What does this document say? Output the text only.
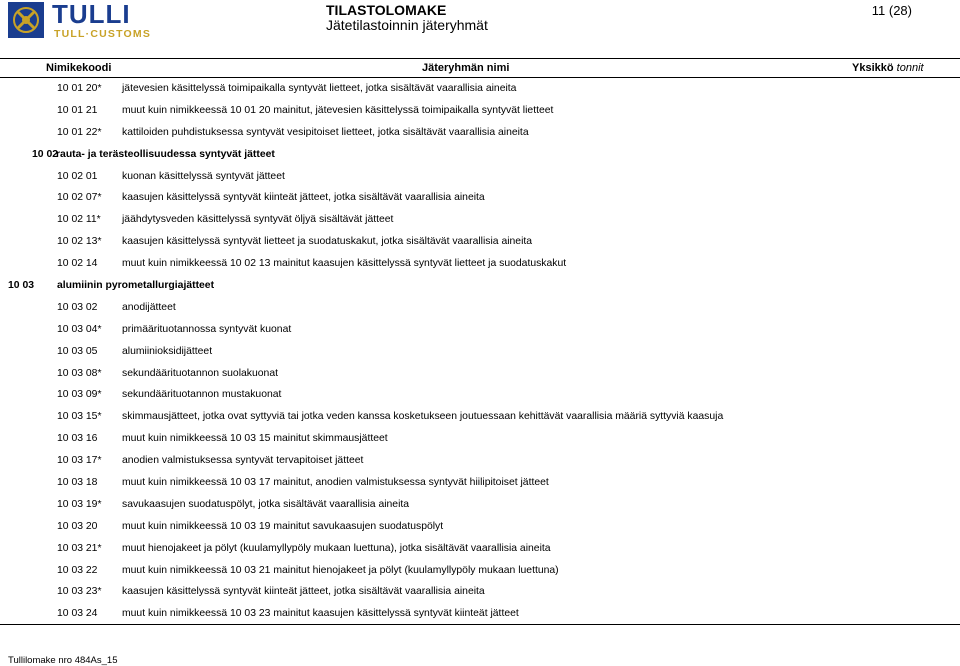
TULLI
TULL·CUSTOMS
TILASTOLOMAKE
Jätetilastoinnin jäteryhmät
11 (28)
Nimikekoodi	Jäteryhmän nimi	Yksikkö tonnit
10 01 20* jätevesien käsittelyssä toimipaikalla syntyvät lietteet, jotka sisältävät vaarallisia aineita
10 01 21 muut kuin nimikkeessä 10 01 20 mainitut, jätevesien käsittelyssä toimipaikalla syntyvät lietteet
10 01 22* kattiloiden puhdistuksessa syntyvät vesipitoiset lietteet, jotka sisältävät vaarallisia aineita
10 02
rauta- ja terästeollisuudessa syntyvät jätteet
10 02 01 kuonan käsittelyssä syntyvät jätteet
10 02 07* kaasujen käsittelyssä syntyvät kiinteät jätteet, jotka sisältävät vaarallisia aineita
10 02 11* jäähdytysveden käsittelyssä syntyvät öljyä sisältävät jätteet
10 02 13* kaasujen käsittelyssä syntyvät lietteet ja suodatuskakut, jotka sisältävät vaarallisia aineita
10 02 14 muut kuin nimikkeessä 10 02 13 mainitut kaasujen käsittelyssä syntyvät lietteet ja suodatuskakut
10 03 alumiinin pyrometallurgiajätteet
10 03 02 anodijätteet
10 03 04* primäärituotannossa syntyvät kuonat
10 03 05 alumiinioksidijätteet
10 03 08* sekundäärituotannon suolakuonat
10 03 09* sekundäärituotannon mustakuonat
10 03 15* skimmausjätteet, jotka ovat syttyviä tai jotka veden kanssa kosketukseen joutuessaan kehittävät vaarallisia määriä syttyviä kaasuja
10 03 16 muut kuin nimikkeessä 10 03 15 mainitut skimmausjätteet
10 03 17* anodien valmistuksessa syntyvät tervapitoiset jätteet
10 03 18 muut kuin nimikkeessä 10 03 17 mainitut, anodien valmistuksessa syntyvät hiilipitoiset jätteet
10 03 19* savukaasujen suodatuspölyt, jotka sisältävät vaarallisia aineita
10 03 20 muut kuin nimikkeessä 10 03 19 mainitut savukaasujen suodatuspölyt
10 03 21* muut hienojakeet ja pölyt (kuulamyllypöly mukaan luettuna), jotka sisältävät vaarallisia aineita
10 03 22 muut kuin nimikkeessä 10 03 21 mainitut hienojakeet ja pölyt (kuulamyllypöly mukaan luettuna)
10 03 23* kaasujen käsittelyssä syntyvät kiinteät jätteet, jotka sisältävät vaarallisia aineita
10 03 24 muut kuin nimikkeessä 10 03 23 mainitut kaasujen käsittelyssä syntyvät kiinteät jätteet
Tullilomake nro 484As_15
